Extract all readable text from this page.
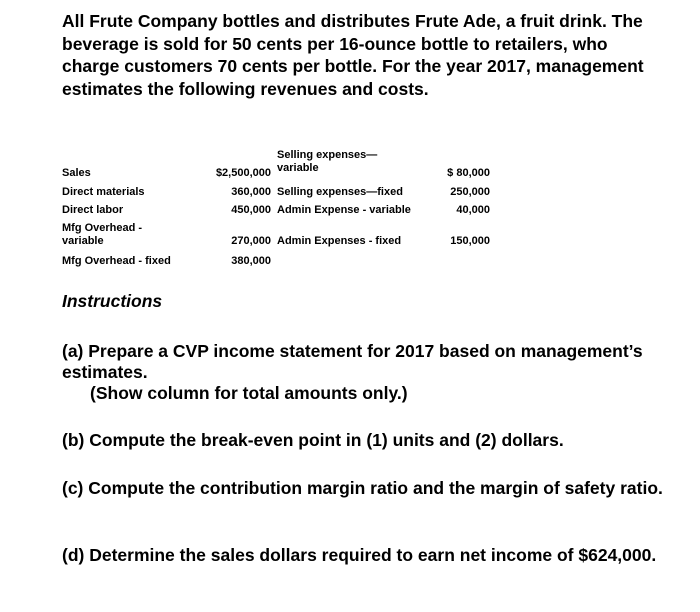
All Frute Company bottles and distributes Frute Ade, a fruit drink. The beverage is sold for 50 cents per 16-ounce bottle to retailers, who charge customers 70 cents per bottle. For the year 2017, management estimates the following revenues and costs.

Sales
Direct materials
Direct labor
Mfg Overhead -
variable
Mfg Overhead - fixed
$2,500,000
360,000
450,000
270,000
380,000
Selling expenses—
variable
Selling expenses—fixed
Admin Expense - variable
Admin Expenses - fixed
$ 80,000
250,000
40,000
150,000

Instructions

(a) Prepare a CVP income statement for 2017 based on management’s estimates.
(Show column for total amounts only.)

(b) Compute the break-even point in (1) units and (2) dollars.

(c) Compute the contribution margin ratio and the margin of safety ratio.

(d) Determine the sales dollars required to earn net income of $624,000.
